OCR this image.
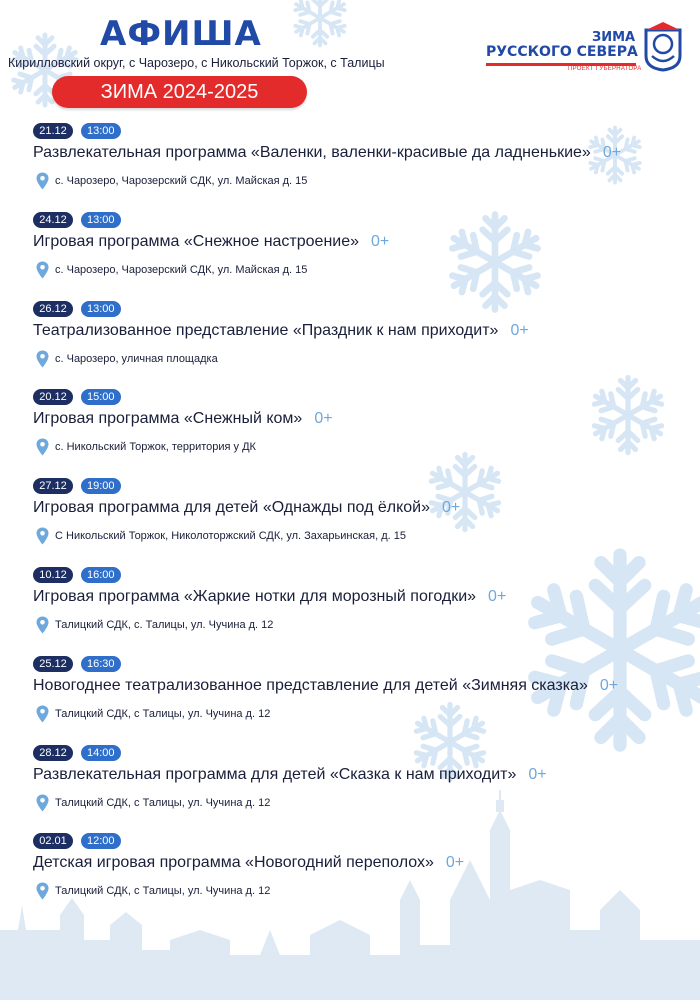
АФИША
Кирилловский округ, с Чарозеро, с Никольский Торжок, с Талицы
ЗИМА 2024-2025
ЗИМА
РУССКОГО СЕВЕРА
ПРОЕКТ ГУБЕРНАТОРА
21.12 13:00
Развлекательная программа «Валенки, валенки-красивые да ладненькие» 0+
с. Чарозеро, Чарозерский СДК, ул. Майская д. 15
24.12 13:00
Игровая программа «Снежное настроение» 0+
с. Чарозеро, Чарозерский СДК, ул. Майская д. 15
26.12 13:00
Театрализованное представление «Праздник к нам приходит» 0+
с. Чарозеро, уличная площадка
20.12 15:00
Игровая программа «Снежный ком» 0+
с. Никольский Торжок, территория у ДК
27.12 19:00
Игровая программа для детей «Однажды под ёлкой» 0+
С Никольский Торжок, Николоторжский СДК, ул. Захарьинская, д. 15
10.12 16:00
Игровая программа «Жаркие нотки для морозный погодки» 0+
Талицкий СДК, с. Талицы, ул. Чучина д. 12
25.12 16:30
Новогоднее театрализованное представление для детей «Зимняя сказка» 0+
Талицкий СДК, с Талицы, ул. Чучина д. 12
28.12 14:00
Развлекательная программа для детей «Сказка к нам приходит» 0+
Талицкий СДК, с Талицы, ул. Чучина д. 12
02.01 12:00
Детская игровая программа «Новогодний переполох» 0+
Талицкий СДК, с Талицы, ул. Чучина д. 12
